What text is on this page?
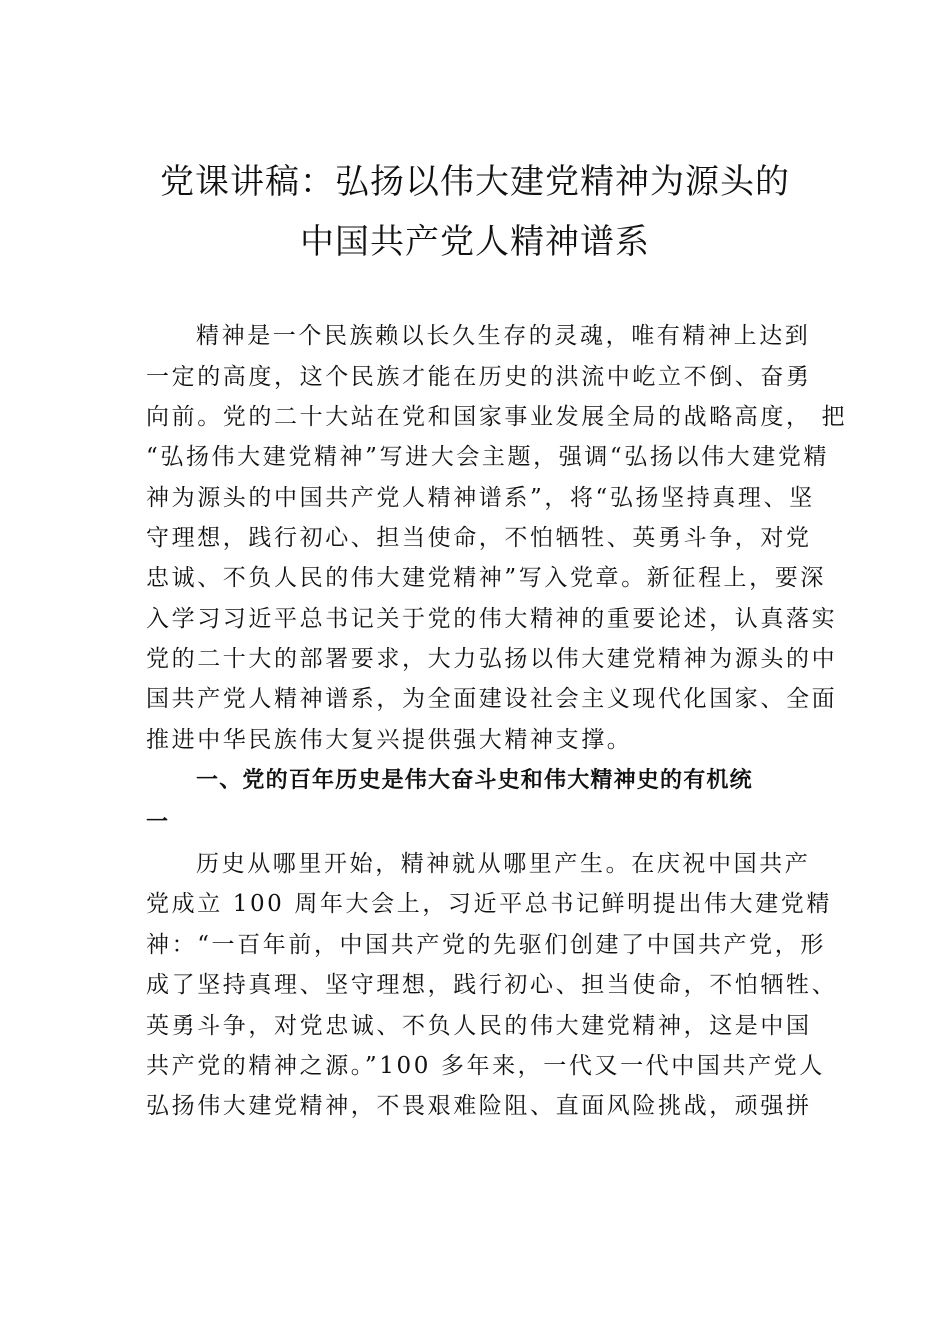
党课讲稿：弘扬以伟大建党精神为源头的
中国共产党人精神谱系
精神是一个民族赖以长久生存的灵魂，唯有精神上达到
一定的高度，这个民族才能在历史的洪流中屹立不倒、奋勇
向前。党的二十大站在党和国家事业发展全局的战略高度， 把
“弘扬伟大建党精神”写进大会主题，强调“弘扬以伟大建党精
神为源头的中国共产党人精神谱系”，将“弘扬坚持真理、坚
守理想，践行初心、担当使命，不怕牺牲、英勇斗争，对党
忠诚、不负人民的伟大建党精神”写入党章。新征程上，要深
入学习习近平总书记关于党的伟大精神的重要论述，认真落实
党的二十大的部署要求，大力弘扬以伟大建党精神为源头的中
国共产党人精神谱系，为全面建设社会主义现代化国家、全面
推进中华民族伟大复兴提供强大精神支撑。
一、党的百年历史是伟大奋斗史和伟大精神史的有机统
一
历史从哪里开始，精神就从哪里产生。在庆祝中国共产
党成立 100 周年大会上，习近平总书记鲜明提出伟大建党精
神：“一百年前，中国共产党的先驱们创建了中国共产党，形
成了坚持真理、坚守理想，践行初心、担当使命，不怕牺牲、
英勇斗争，对党忠诚、不负人民的伟大建党精神，这是中国
共产党的精神之源。”100 多年来，一代又一代中国共产党人
弘扬伟大建党精神，不畏艰难险阻、直面风险挑战，顽强拼
